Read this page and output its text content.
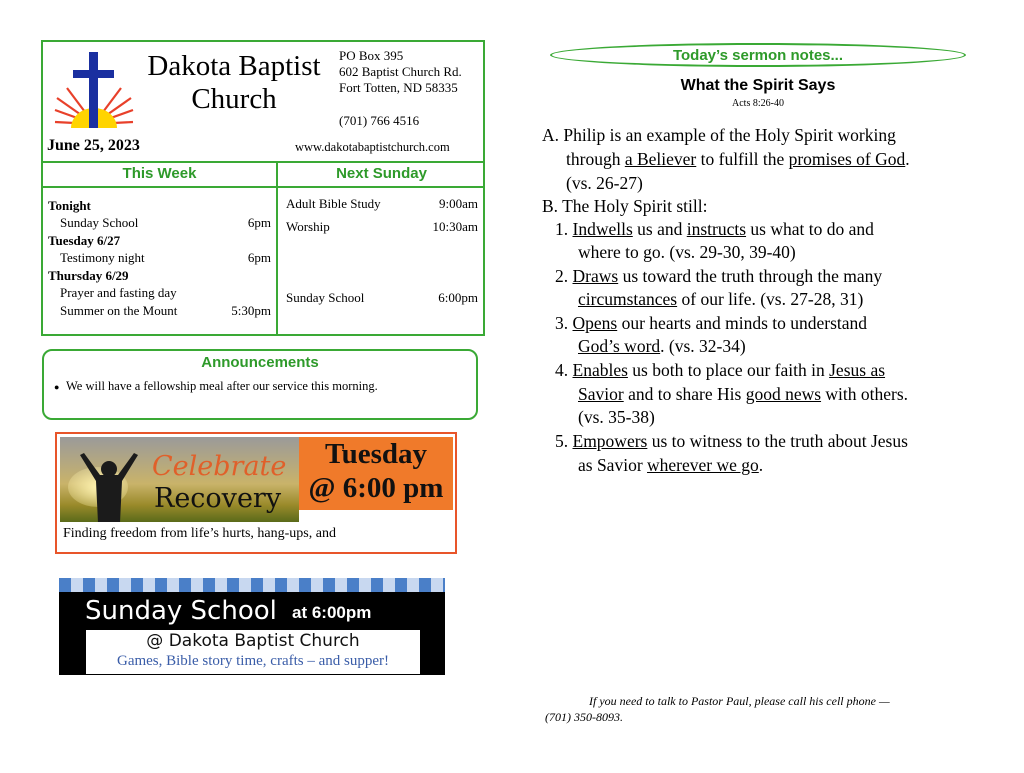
Dakota Baptist Church
PO Box 395
602 Baptist Church Rd.
Fort Totten, ND 58335
(701) 766 4516
June 25, 2023	www.dakotabaptistchurch.com
This Week	Next Sunday
Tonight
Sunday School	6pm
Tuesday 6/27
Testimony night	6pm
Thursday 6/29
Prayer and fasting day
Summer on the Mount	5:30pm
Adult Bible Study	9:00am
Worship	10:30am
Sunday School	6:00pm
Announcements
● We will have a fellowship meal after our service this morning.
Celebrate
Recovery
Tuesday
@ 6:00 pm
Finding freedom from life’s hurts, hang-ups, and
Sunday School at 6:00pm
@ Dakota Baptist Church
Games, Bible story time, crafts – and supper!
Today’s sermon notes...
What the Spirit Says
Acts 8:26-40
A. Philip is an example of the Holy Spirit working
through a Believer to fulfill the promises of God.
(vs. 26-27)
B. The Holy Spirit still:
1. Indwells us and instructs us what to do and
where to go. (vs. 29-30, 39-40)
2. Draws us toward the truth through the many
circumstances of our life. (vs. 27-28, 31)
3. Opens our hearts and minds to understand
God’s word. (vs. 32-34)
4. Enables us both to place our faith in Jesus as
Savior and to share His good news with others.
(vs. 35-38)
5. Empowers us to witness to the truth about Jesus
as Savior wherever we go.
If you need to talk to Pastor Paul, please call his cell phone —
(701) 350-8093.
